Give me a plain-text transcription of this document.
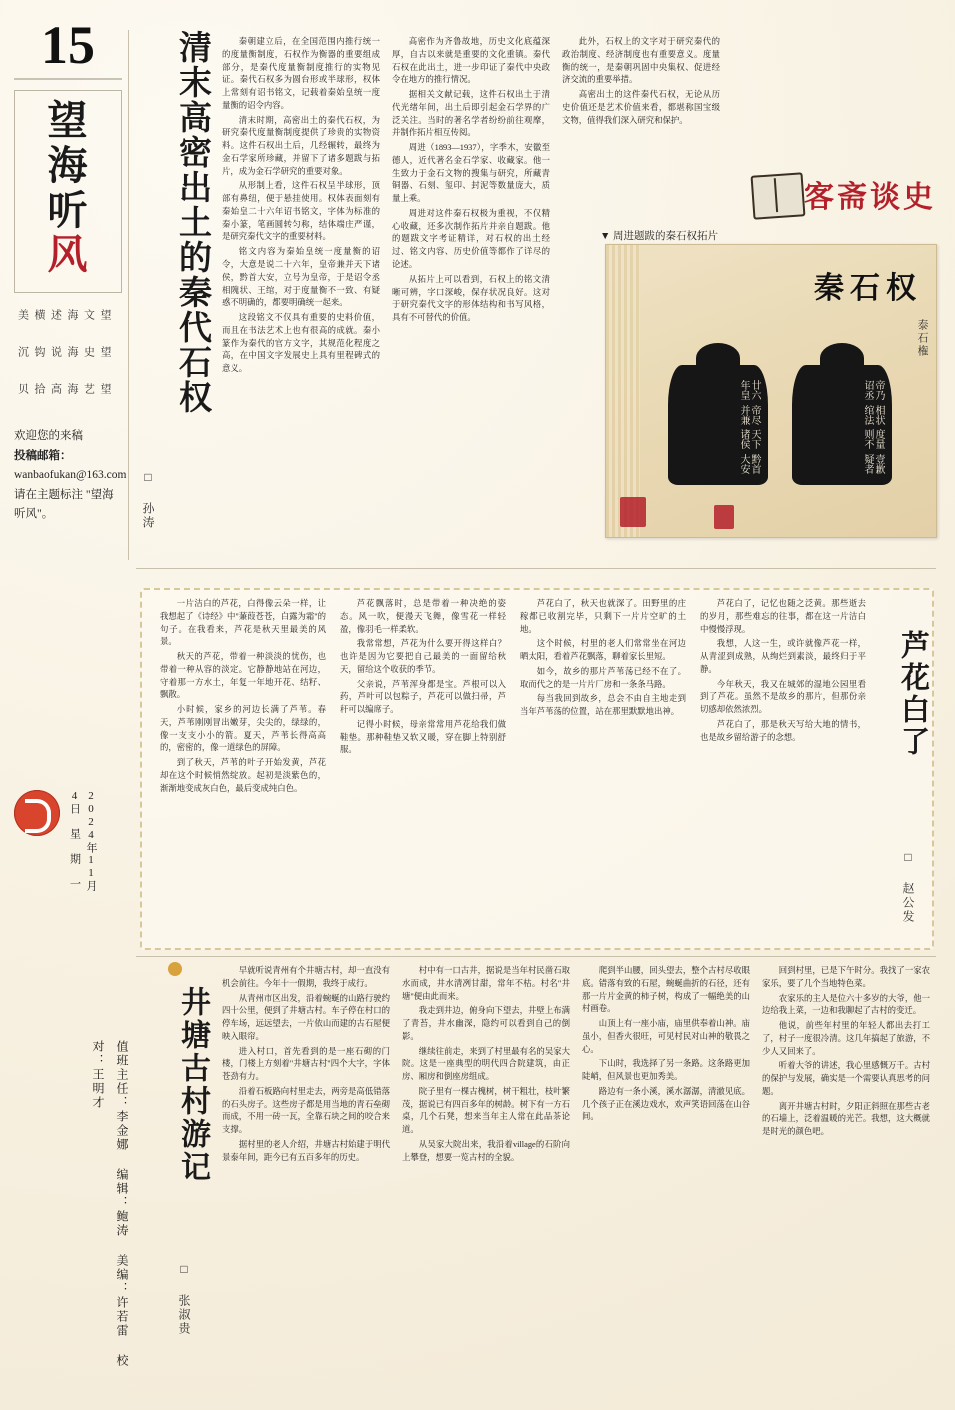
15
望
海
听
风
望 文 海 述 横 美
望 史 海 说 钩 沉
望 艺 海 高 拾 贝
欢迎您的来稿
投稿邮箱：
wanbaofukan@163.com
请在主题标注 "望海听风"。
2024年11月4日 星 期 一
值班主任：李金娜 编辑：鲍涛 美编：许若雷 校对：王明才
清末高密出土的秦代石权
□ 孙涛

秦朝建立后，在全国范围内推行统一的度量衡制度，石权作为衡器的重要组成部分，是秦代度量衡制度推行的实物见证。秦代石权多为圆台形或半球形，权体上常刻有诏书铭文，记载着秦始皇统一度量衡的诏令内容。

清末时期，高密出土的秦代石权，为研究秦代度量衡制度提供了珍贵的实物资料。这件石权出土后，几经辗转，最终为金石学家所珍藏，并留下了诸多题跋与拓片，成为金石学研究的重要对象。

从形制上看，这件石权呈半球形，顶部有鼻纽，便于悬挂使用。权体表面刻有秦始皇二十六年诏书铭文，字体为标准的秦小篆，笔画圆转匀称，结体端庄严谨，是研究秦代文字的重要材料。

铭文内容为秦始皇统一度量衡的诏令，大意是说二十六年，皇帝兼并天下诸侯，黔首大安，立号为皇帝，于是诏令丞相隗状、王绾，对于度量衡不一致、有疑惑不明确的，都要明确统一起来。

这段铭文不仅具有重要的史料价值，而且在书法艺术上也有很高的成就。秦小篆作为秦代的官方文字，其规范化程度之高，在中国文字发展史上具有里程碑式的意义。

高密作为齐鲁故地，历史文化底蕴深厚，自古以来就是重要的文化重镇。秦代石权在此出土，进一步印证了秦代中央政令在地方的推行情况。

据相关文献记载，这件石权出土于清代光绪年间，出土后即引起金石学界的广泛关注。当时的著名学者纷纷前往观摩，并制作拓片相互传阅。

周进（1893—1937），字季木，安徽至德人，近代著名金石学家、收藏家。他一生致力于金石文物的搜集与研究，所藏青铜器、石刻、玺印、封泥等数量庞大，质量上乘。

周进对这件秦石权极为重视，不仅精心收藏，还多次制作拓片并亲自题跋。他的题跋文字考证精详，对石权的出土经过、铭文内容、历史价值等都作了详尽的论述。

从拓片上可以看到，石权上的铭文清晰可辨，字口深峻，保存状况良好。这对于研究秦代文字的形体结构和书写风格，具有不可替代的价值。

此外，石权上的文字对于研究秦代的政治制度、经济制度也有重要意义。度量衡的统一，是秦朝巩固中央集权、促进经济交流的重要举措。

高密出土的这件秦代石权，无论从历史价值还是艺术价值来看，都堪称国宝级文物，值得我们深入研究和保护。

客斋谈史
▼ 周进题跋的秦石权拓片
秦石权
泰石権
廿六年皇
帝尽并兼
天下诸侯
黔首大安
帝乃诏丞
相状绾法
度量则不
壹歉疑者
芦花白了
□ 赵公发

一片洁白的芦花，白得像云朵一样，让我想起了《诗经》中"蒹葭苍苍，白露为霜"的句子。在我看来，芦花是秋天里最美的风景。

秋天的芦花，带着一种淡淡的忧伤，也带着一种从容的淡定。它静静地站在河边，守着那一方水土，年复一年地开花、结籽、飘散。

小时候，家乡的河边长满了芦苇。春天，芦苇刚刚冒出嫩芽，尖尖的，绿绿的，像一支支小小的箭。夏天，芦苇长得高高的，密密的，像一道绿色的屏障。

到了秋天，芦苇的叶子开始发黄，芦花却在这个时候悄然绽放。起初是淡紫色的，渐渐地变成灰白色，最后变成纯白色。

芦花飘落时，总是带着一种决绝的姿态。风一吹，便漫天飞舞，像雪花一样轻盈，像羽毛一样柔软。

我常常想，芦花为什么要开得这样白？也许是因为它要把自己最美的一面留给秋天，留给这个收获的季节。

父亲说，芦苇浑身都是宝。芦根可以入药，芦叶可以包粽子，芦花可以做扫帚，芦秆可以编席子。

记得小时候，母亲常常用芦花给我们做鞋垫。那种鞋垫又软又暖，穿在脚上特别舒服。

芦花白了，秋天也就深了。田野里的庄稼都已收割完毕，只剩下一片片空旷的土地。

这个时候，村里的老人们常常坐在河边晒太阳，看着芦花飘落，聊着家长里短。

如今，故乡的那片芦苇荡已经不在了。取而代之的是一片片厂房和一条条马路。

每当我回到故乡，总会不由自主地走到当年芦苇荡的位置，站在那里默默地出神。

芦花白了，记忆也随之泛黄。那些逝去的岁月，那些难忘的往事，都在这一片洁白中慢慢浮现。

我想，人这一生，或许就像芦花一样，从青涩到成熟，从绚烂到素淡，最终归于平静。

今年秋天，我又在城郊的湿地公园里看到了芦花。虽然不是故乡的那片，但那份亲切感却依然浓烈。

芦花白了，那是秋天写给大地的情书，也是故乡留给游子的念想。

井塘古村游记
□ 张淑贵

早就听说青州有个井塘古村，却一直没有机会前往。今年十一假期，我终于成行。

从青州市区出发，沿着蜿蜒的山路行驶约四十公里，便到了井塘古村。车子停在村口的停车场，远远望去，一片依山而建的古石屋便映入眼帘。

进入村口，首先看到的是一座石砌的门楼，门楼上方刻着"井塘古村"四个大字，字体苍劲有力。

沿着石板路向村里走去，两旁是高低错落的石头房子。这些房子都是用当地的青石垒砌而成，不用一砖一瓦，全靠石块之间的咬合来支撑。

据村里的老人介绍，井塘古村始建于明代景泰年间，距今已有五百多年的历史。

村中有一口古井，据说是当年村民凿石取水而成，井水清冽甘甜，常年不枯。村名"井塘"便由此而来。

我走到井边，俯身向下望去，井壁上布满了青苔，井水幽深，隐约可以看到自己的倒影。

继续往前走，来到了村里最有名的吴家大院。这是一座典型的明代四合院建筑，由正房、厢房和倒座房组成。

院子里有一棵古槐树，树干粗壮，枝叶繁茂，据说已有四百多年的树龄。树下有一方石桌，几个石凳，想来当年主人常在此品茶论道。

从吴家大院出来，我沿着village的石阶向上攀登，想要一览古村的全貌。

爬到半山腰，回头望去，整个古村尽收眼底。错落有致的石屋，蜿蜒曲折的石径，还有那一片片金黄的柿子树，构成了一幅绝美的山村画卷。

山顶上有一座小庙，庙里供奉着山神。庙虽小，但香火很旺，可见村民对山神的敬畏之心。

下山时，我选择了另一条路。这条路更加陡峭，但风景也更加秀美。

路边有一条小溪，溪水潺潺，清澈见底。几个孩子正在溪边戏水，欢声笑语回荡在山谷间。

回到村里，已是下午时分。我找了一家农家乐，要了几个当地特色菜。

农家乐的主人是位六十多岁的大爷，他一边给我上菜，一边和我聊起了古村的变迁。

他说，前些年村里的年轻人都出去打工了，村子一度很冷清。这几年搞起了旅游，不少人又回来了。

听着大爷的讲述，我心里感慨万千。古村的保护与发展，确实是一个需要认真思考的问题。

离开井塘古村时，夕阳正斜照在那些古老的石墙上，泛着温暖的光芒。我想，这大概就是时光的颜色吧。
